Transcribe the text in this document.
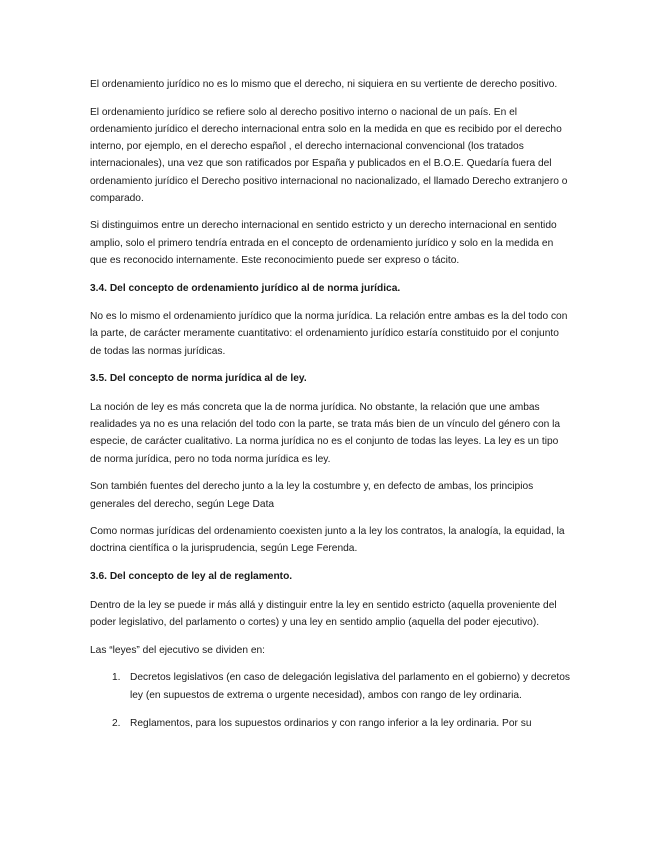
El ordenamiento jurídico no es lo mismo que el derecho, ni siquiera en su vertiente de derecho positivo.

El ordenamiento jurídico se refiere solo al derecho positivo interno o nacional de un país. En el ordenamiento jurídico el derecho internacional entra solo en la medida en que es recibido por el derecho interno, por ejemplo, en el derecho español , el derecho internacional convencional (los tratados internacionales), una vez que son ratificados por España y publicados en el B.O.E. Quedaría fuera del ordenamiento jurídico el Derecho positivo internacional no nacionalizado, el llamado Derecho extranjero o comparado.

Si distinguimos entre un derecho internacional en sentido estricto y un derecho internacional en sentido amplio, solo el primero tendría entrada en el concepto de ordenamiento jurídico y solo en la medida en que es reconocido internamente. Este reconocimiento puede ser expreso o tácito.

3.4. Del concepto de ordenamiento jurídico al de norma jurídica.

No es lo mismo el ordenamiento jurídico que la norma jurídica. La relación entre ambas es la del todo con la parte, de carácter meramente cuantitativo: el ordenamiento jurídico estaría constituido por el conjunto de todas las normas jurídicas.

3.5. Del concepto de norma jurídica al de ley.

La noción de ley es más concreta que la de norma jurídica. No obstante, la relación que une ambas realidades ya no es una relación del todo con la parte, se trata más bien de un vínculo del género con la especie, de carácter cualitativo. La norma jurídica no es el conjunto de todas las leyes. La ley es un tipo de norma jurídica, pero no toda norma jurídica es ley.

Son también fuentes del derecho junto a la ley la costumbre y, en defecto de ambas, los principios generales del derecho, según Lege Data

Como normas jurídicas del ordenamiento coexisten junto a la ley los contratos, la analogía, la equidad, la doctrina científica o la jurisprudencia, según Lege Ferenda.

3.6. Del concepto de ley al de reglamento.

Dentro de la ley se puede ir más allá y distinguir entre la ley en sentido estricto (aquella proveniente del poder legislativo, del parlamento o cortes) y una ley en sentido amplio (aquella del poder ejecutivo).

Las “leyes” del ejecutivo se dividen en:

1. Decretos legislativos (en caso de delegación legislativa del parlamento en el gobierno) y decretos ley (en supuestos de extrema o urgente necesidad), ambos con rango de ley ordinaria.
2. Reglamentos, para los supuestos ordinarios y con rango inferior a la ley ordinaria. Por su
